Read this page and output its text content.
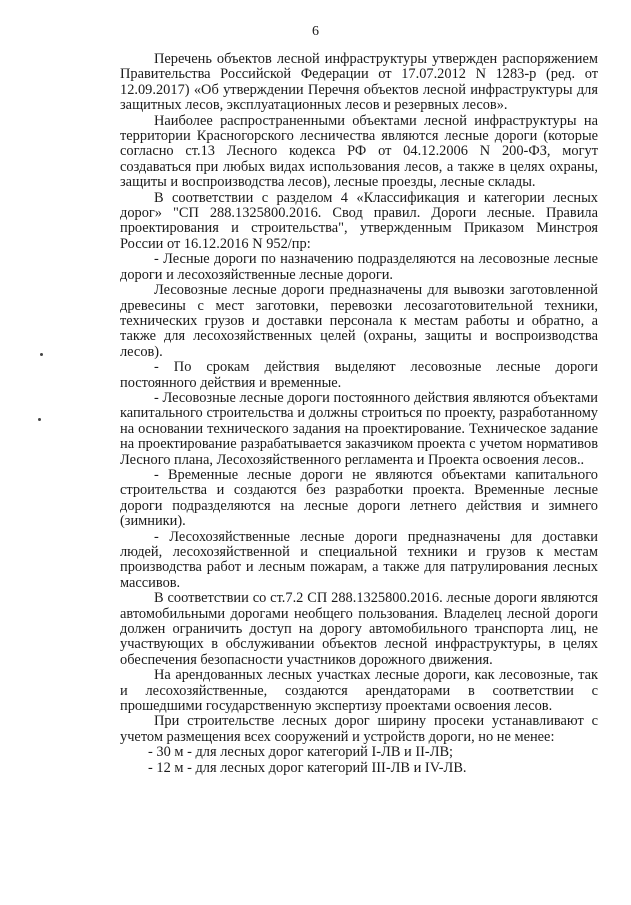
6

Перечень объектов лесной инфраструктуры утвержден распоряжением Правительства Российской Федерации от 17.07.2012 N 1283-р (ред. от 12.09.2017) «Об утверждении Перечня объектов лесной инфраструктуры для защитных лесов, эксплуатационных лесов и резервных лесов».

Наиболее распространенными объектами лесной инфраструктуры на территории Красногорского лесничества являются лесные дороги (которые согласно ст.13 Лесного кодекса РФ от 04.12.2006 N 200-ФЗ, могут создаваться при любых видах использования лесов, а также в целях охраны, защиты и воспроизводства лесов), лесные проезды, лесные склады.

В соответствии с разделом 4 «Классификация и категории лесных дорог» "СП 288.1325800.2016. Свод правил. Дороги лесные. Правила проектирования и строительства", утвержденным Приказом Минстроя России от 16.12.2016 N 952/пр:

- Лесные дороги по назначению подразделяются на лесовозные лесные дороги и лесохозяйственные лесные дороги.

Лесовозные лесные дороги предназначены для вывозки заготовленной древесины с мест заготовки, перевозки лесозаготовительной техники, технических грузов и доставки персонала к местам работы и обратно, а также для лесохозяйственных целей (охраны, защиты и воспроизводства лесов).

- По срокам действия выделяют лесовозные лесные дороги постоянного действия и временные.

- Лесовозные лесные дороги постоянного действия являются объектами капитального строительства и должны строиться по проекту, разработанному на основании технического задания на проектирование. Техническое задание на проектирование разрабатывается заказчиком проекта с учетом нормативов Лесного плана, Лесохозяйственного регламента и Проекта освоения лесов..

- Временные лесные дороги не являются объектами капитального строительства и создаются без разработки проекта. Временные лесные дороги подразделяются на лесные дороги летнего действия и зимнего (зимники).

- Лесохозяйственные лесные дороги предназначены для доставки людей, лесохозяйственной и специальной техники и грузов к местам производства работ и лесным пожарам, а также для патрулирования лесных массивов.

В соответствии со ст.7.2 СП 288.1325800.2016. лесные дороги являются автомобильными дорогами необщего пользования. Владелец лесной дороги должен ограничить доступ на дорогу автомобильного транспорта лиц, не участвующих в обслуживании объектов лесной инфраструктуры, в целях обеспечения безопасности участников дорожного движения.

На арендованных лесных участках лесные дороги, как лесовозные, так и лесохозяйственные, создаются арендаторами в соответствии с прошедшими государственную экспертизу проектами освоения лесов.

При строительстве лесных дорог ширину просеки устанавливают с учетом размещения всех сооружений и устройств дороги, но не менее:

- 30 м - для лесных дорог категорий I-ЛВ и II-ЛВ;

- 12 м - для лесных дорог категорий III-ЛВ и IV-ЛВ.
